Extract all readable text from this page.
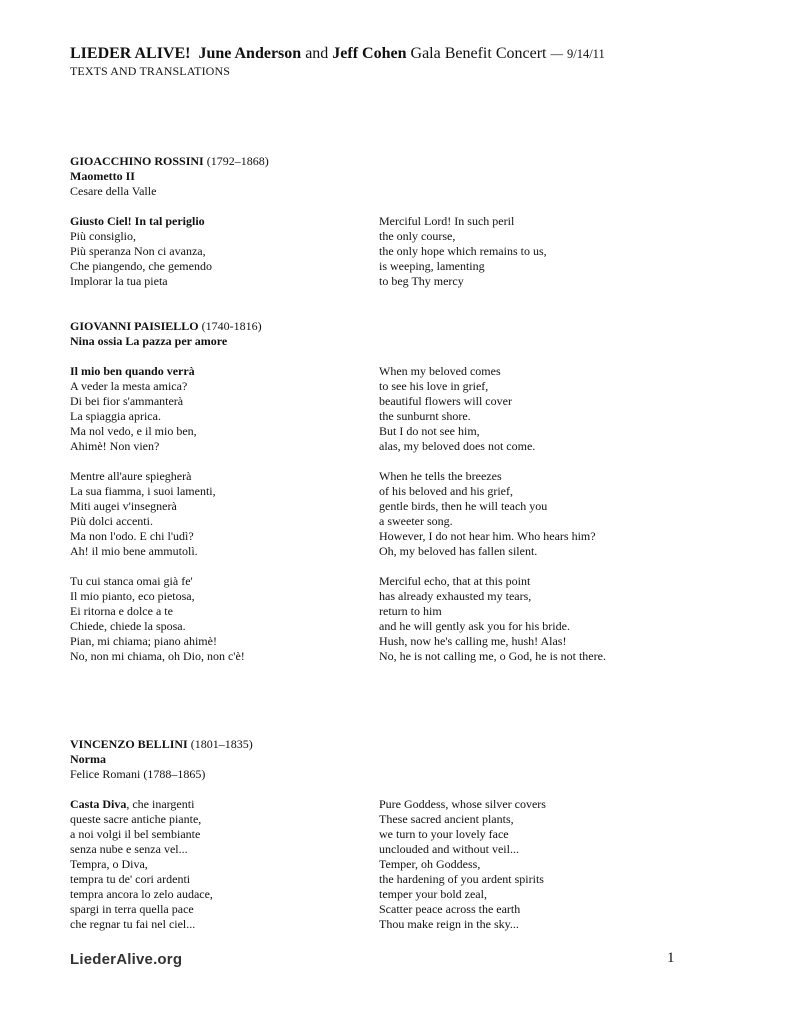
LIEDER ALIVE! June Anderson and Jeff Cohen Gala Benefit Concert — 9/14/11
TEXTS AND TRANSLATIONS
GIOACCHINO ROSSINI (1792–1868)
Maometto II
Cesare della Valle
Giusto Ciel! In tal periglio
Più consiglio,
Più speranza Non ci avanza,
Che piangendo, che gemendo
Implorar la tua pieta
Merciful Lord! In such peril
the only course,
the only hope which remains to us,
is weeping, lamenting
to beg Thy mercy
GIOVANNI PAISIELLO (1740-1816)
Nina ossia La pazza per amore
Il mio ben quando verrà
A veder la mesta amica?
Di bei fior s'ammanterà
La spiaggia aprica.
Ma nol vedo, e il mio ben,
Ahimè! Non vien?
Mentre all'aure spiegherà
La sua fiamma, i suoi lamenti,
Miti augei v'insegnerà
Più dolci accenti.
Ma non l'odo. E chi l'udì?
Ah! il mio bene ammutolì.
Tu cui stanca omai già fe'
Il mio pianto, eco pietosa,
Ei ritorna e dolce a te
Chiede, chiede la sposa.
Pian, mi chiama; piano ahimè!
No, non mi chiama, oh Dio, non c'è!
When my beloved comes
to see his love in grief,
beautiful flowers will cover
the sunburnt shore.
But I do not see him,
alas, my beloved does not come.
When he tells the breezes
of his beloved and his grief,
gentle birds, then he will teach you
a sweeter song.
However, I do not hear him. Who hears him?
Oh, my beloved has fallen silent.
Merciful echo, that at this point
has already exhausted my tears,
return to him
and he will gently ask you for his bride.
Hush, now he's calling me, hush! Alas!
No, he is not calling me, o God, he is not there.
VINCENZO BELLINI (1801–1835)
Norma
Felice Romani (1788–1865)
Casta Diva, che inargenti
queste sacre antiche piante,
a noi volgi il bel sembiante
senza nube e senza vel...
Tempra, o Diva,
tempra tu de' cori ardenti
tempra ancora lo zelo audace,
spargi in terra quella pace
che regnar tu fai nel ciel...
Pure Goddess, whose silver covers
These sacred ancient plants,
we turn to your lovely face
unclouded and without veil...
Temper, oh Goddess,
the hardening of you ardent spirits
temper your bold zeal,
Scatter peace across the earth
Thou make reign in the sky...
LiederAlive.org	1
